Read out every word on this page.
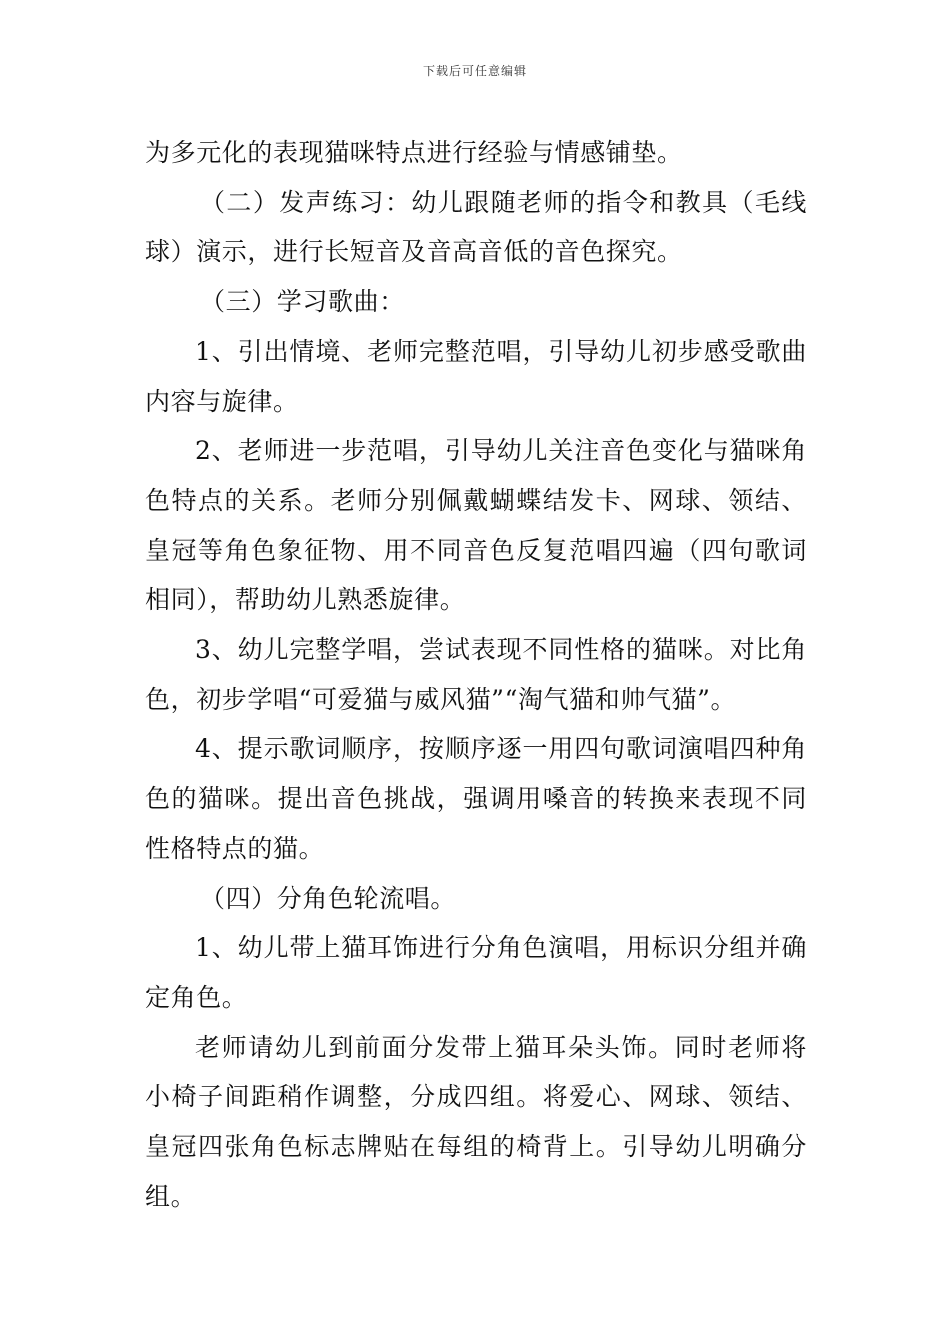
下载后可任意编辑

为多元化的表现猫咪特点进行经验与情感铺垫。

（二）发声练习：幼儿跟随老师的指令和教具（毛线球）演示，进行长短音及音高音低的音色探究。

（三）学习歌曲：

1、引出情境、老师完整范唱，引导幼儿初步感受歌曲内容与旋律。

2、老师进一步范唱，引导幼儿关注音色变化与猫咪角色特点的关系。老师分别佩戴蝴蝶结发卡、网球、领结、皇冠等角色象征物、用不同音色反复范唱四遍（四句歌词相同），帮助幼儿熟悉旋律。

3、幼儿完整学唱，尝试表现不同性格的猫咪。对比角色，初步学唱“可爱猫与威风猫”“淘气猫和帅气猫”。

4、提示歌词顺序，按顺序逐一用四句歌词演唱四种角色的猫咪。提出音色挑战，强调用嗓音的转换来表现不同性格特点的猫。

（四）分角色轮流唱。

1、幼儿带上猫耳饰进行分角色演唱，用标识分组并确定角色。

老师请幼儿到前面分发带上猫耳朵头饰。同时老师将小椅子间距稍作调整，分成四组。将爱心、网球、领结、皇冠四张角色标志牌贴在每组的椅背上。引导幼儿明确分组。
